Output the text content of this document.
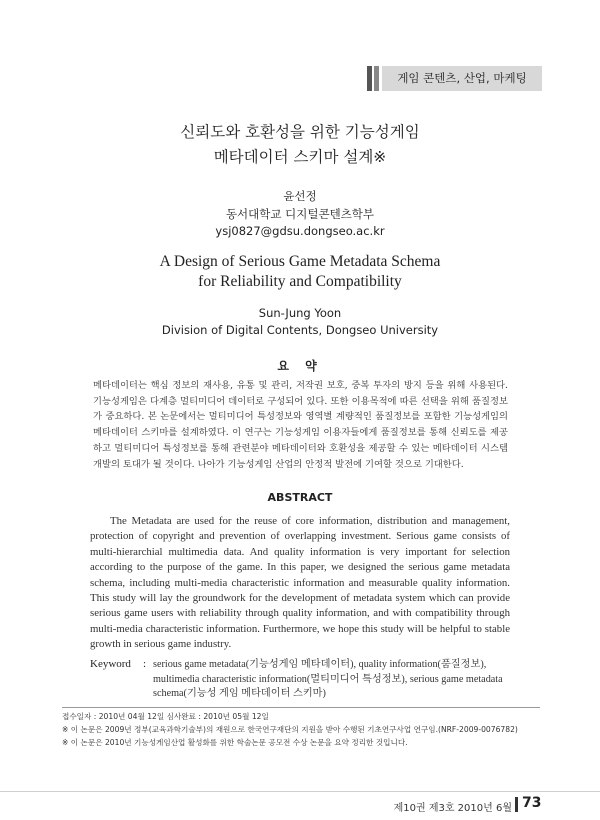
게임 콘텐츠, 산업, 마케팅
신뢰도와 호환성을 위한 기능성게임
메타데이터 스키마 설계※
윤선정
동서대학교 디지털콘텐츠학부
ysj0827@gdsu.dongseo.ac.kr
A Design of Serious Game Metadata Schema
for Reliability and Compatibility
Sun-Jung Yoon
Division of Digital Contents, Dongseo University
요 약

메타데이터는 핵심 정보의 재사용, 유통 및 관리, 저작권 보호, 중복 투자의 방지 등을 위해 사용된다. 기능성게임은 다계층 멀티미디어 데이터로 구성되어 있다. 또한 이용목적에 따른 선택을 위해 품질정보가 중요하다. 본 논문에서는 멀티미디어 특성정보와 영역별 계량적인 품질정보를 포함한 기능성게임의 메타데이터 스키마를 설계하였다. 이 연구는 기능성게임 이용자들에게 품질정보를 통해 신뢰도를 제공하고 멀티미디어 특성정보를 통해 관련분야 메타데이터와 호환성을 제공할 수 있는 메타데이터 시스템 개발의 토대가 될 것이다. 나아가 기능성게임 산업의 안정적 발전에 기여할 것으로 기대한다.

ABSTRACT

The Metadata are used for the reuse of core information, distribution and management, protection of copyright and prevention of overlapping investment. Serious game consists of multi-hierarchial multimedia data. And quality information is very important for selection according to the purpose of the game. In this paper, we designed the serious game metadata schema, including multi-media characteristic information and measurable quality information. This study will lay the groundwork for the development of metadata system which can provide serious game users with reliability through quality information, and with compatibility through multi-media characteristic information. Furthermore, we hope this study will be helpful to stable growth in serious game industry.

Keyword : serious game metadata(기능성게임 메타데이터), quality information(품질정보), multimedia characteristic information(멀티미디어 특성정보), serious game metadata schema(기능성 게임 메타데이터 스키마)

접수일자 : 2010년 04월 12일 심사완료 : 2010년 05월 12일
※ 이 논문은 2009년 정부(교육과학기술부)의 재원으로 한국연구재단의 지원을 받아 수행된 기초연구사업 연구임.(NRF-2009-0076782)
※ 이 논문은 2010년 기능성게임산업 활성화를 위한 학술논문 공모전 수상 논문을 요약 정리한 것입니다.
제10권 제3호 2010년 6월 73
